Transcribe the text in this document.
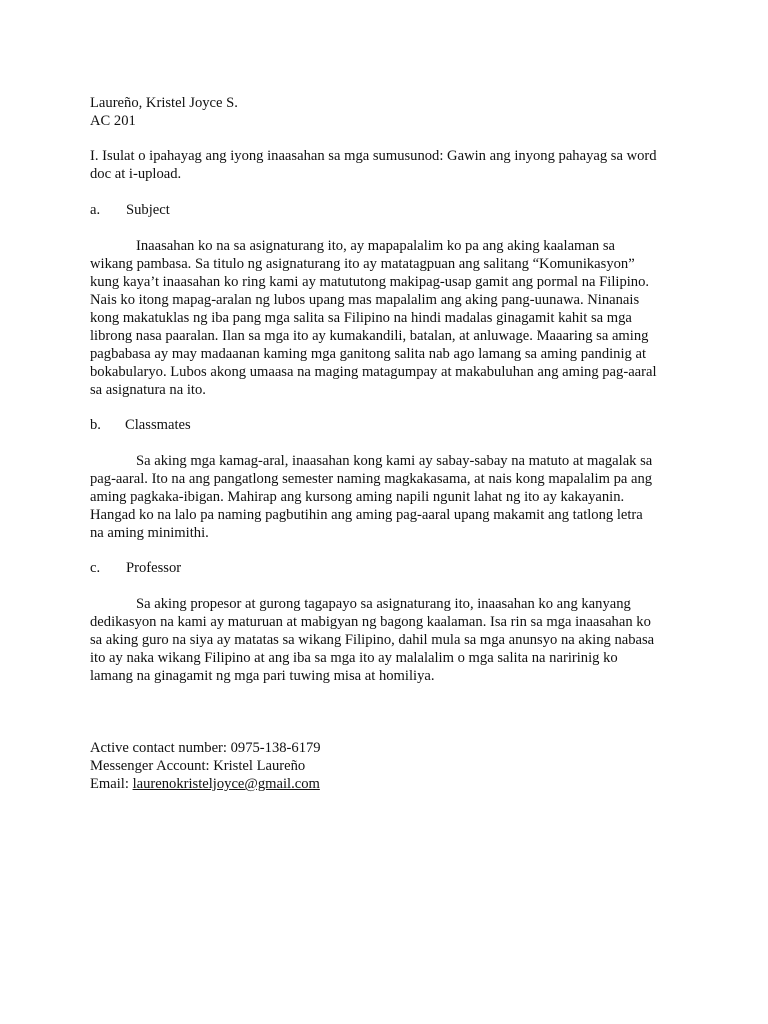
Laureño, Kristel Joyce S.
AC 201
I. Isulat o ipahayag ang iyong inaasahan sa mga sumusunod: Gawin ang inyong pahayag sa word
doc at i-upload.
a. Subject
Inaasahan ko na sa asignaturang ito, ay mapapalalim ko pa ang aking kaalaman sa
wikang pambasa. Sa titulo ng asignaturang ito ay matatagpuan ang salitang “Komunikasyon”
kung kaya’t inaasahan ko ring kami ay matututong makipag-usap gamit ang pormal na Filipino.
Nais ko itong mapag-aralan ng lubos upang mas mapalalim ang aking pang-uunawa. Ninanais
kong makatuklas ng iba pang mga salita sa Filipino na hindi madalas ginagamit kahit sa mga
librong nasa paaralan. Ilan sa mga ito ay kumakandili, batalan, at anluwage. Maaaring sa aming
pagbabasa ay may madaanan kaming mga ganitong salita nab ago lamang sa aming pandinig at
bokabularyo. Lubos akong umaasa na maging matagumpay at makabuluhan ang aming pag-aaral
sa asignatura na ito.
b. Classmates
Sa aking mga kamag-aral, inaasahan kong kami ay sabay-sabay na matuto at magalak sa
pag-aaral. Ito na ang pangatlong semester naming magkakasama, at nais kong mapalalim pa ang
aming pagkaka-ibigan. Mahirap ang kursong aming napili ngunit lahat ng ito ay kakayanin.
Hangad ko na lalo pa naming pagbutihin ang aming pag-aaral upang makamit ang tatlong letra
na aming minimithi.
c. Professor
Sa aking propesor at gurong tagapayo sa asignaturang ito, inaasahan ko ang kanyang
dedikasyon na kami ay maturuan at mabigyan ng bagong kaalaman. Isa rin sa mga inaasahan ko
sa aking guro na siya ay matatas sa wikang Filipino, dahil mula sa mga anunsyo na aking nabasa
ito ay naka wikang Filipino at ang iba sa mga ito ay malalalim o mga salita na naririnig ko
lamang na ginagamit ng mga pari tuwing misa at homiliya.
Active contact number: 0975-138-6179
Messenger Account: Kristel Laureño
Email: laurenokristeljoyce@gmail.com
